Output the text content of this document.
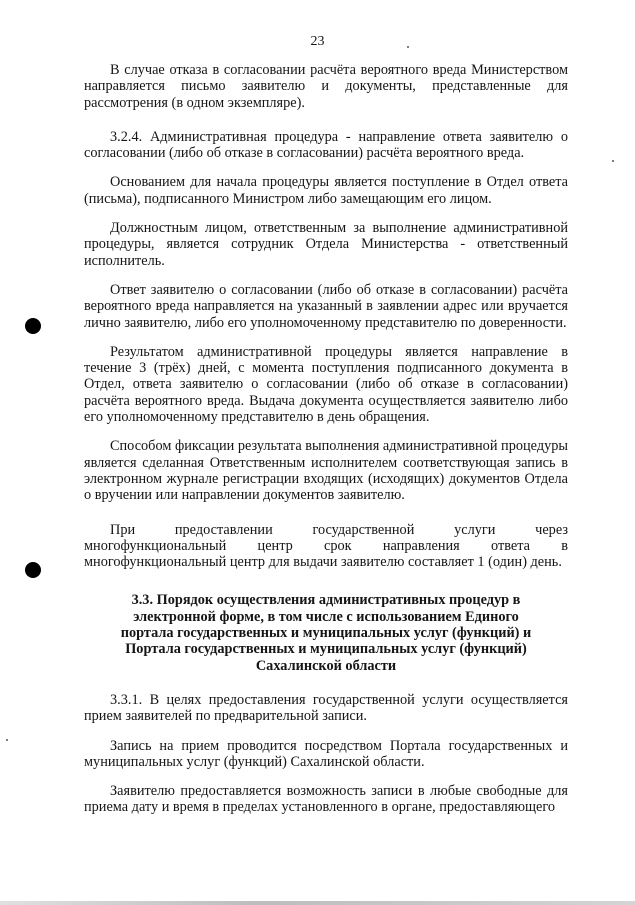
23

В случае отказа в согласовании расчёта вероятного вреда Министерством направляется письмо заявителю и документы, представленные для рассмотрения (в одном экземпляре).

3.2.4. Административная процедура - направление ответа заявителю о согласовании (либо об отказе в согласовании) расчёта вероятного вреда.

Основанием для начала процедуры является поступление в Отдел ответа (письма), подписанного Министром либо замещающим его лицом.

Должностным лицом, ответственным за выполнение административной процедуры, является сотрудник Отдела Министерства - ответственный исполнитель.

Ответ заявителю о согласовании (либо об отказе в согласовании) расчёта вероятного вреда направляется на указанный в заявлении адрес или вручается лично заявителю, либо его уполномоченному представителю по доверенности.

Результатом административной процедуры является направление в течение 3 (трёх) дней, с момента поступления подписанного документа в Отдел, ответа заявителю о согласовании (либо об отказе в согласовании) расчёта вероятного вреда. Выдача документа осуществляется заявителю либо его уполномоченному представителю в день обращения.

Способом фиксации результата выполнения административной процедуры является сделанная Ответственным исполнителем соответствующая запись в электронном журнале регистрации входящих (исходящих) документов Отдела о вручении или направлении документов заявителю.

При предоставлении государственной услуги через многофункциональный центр срок направления ответа в многофункциональный центр для выдачи заявителю составляет 1 (один) день.

3.3. Порядок осуществления административных процедур в электронной форме, в том числе с использованием Единого портала государственных и муниципальных услуг (функций) и Портала государственных и муниципальных услуг (функций) Сахалинской области

3.3.1. В целях предоставления государственной услуги осуществляется прием заявителей по предварительной записи.

Запись на прием проводится посредством Портала государственных и муниципальных услуг (функций) Сахалинской области.

Заявителю предоставляется возможность записи в любые свободные для приема дату и время в пределах установленного в органе, предоставляющего
